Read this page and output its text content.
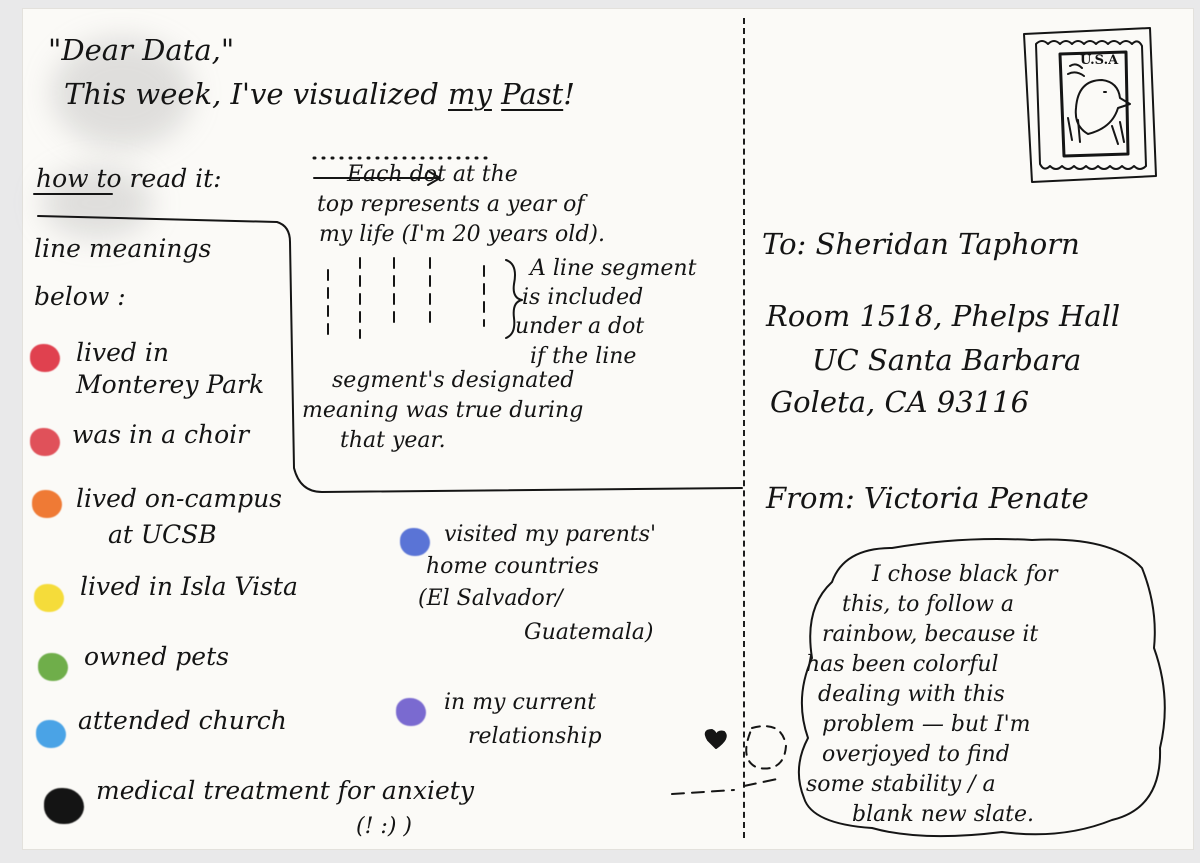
"Dear Data,"
This week, I've visualized my Past!
how to read it:	Each dot at the
top represents a year of
my life (I'm 20 years old).
A line segment
is included
under a dot
if the line
segment's designated
meaning was true during
that year.
line meanings
below :
lived in
Monterey Park
was in a choir
lived on-campus
at UCSB
lived in Isla Vista
owned pets
attended church
medical treatment for anxiety
(! :) )
visited my parents'
home countries
(El Salvador/
Guatemala)
in my current
relationship
To: Sheridan Taphorn
Room 1518, Phelps Hall
UC Santa Barbara
Goleta, CA 93116
From: Victoria Penate
U.S.A
I chose black for
this, to follow a
rainbow, because it
has been colorful
dealing with this
problem — but I'm
overjoyed to find
some stability / a
blank new slate.
